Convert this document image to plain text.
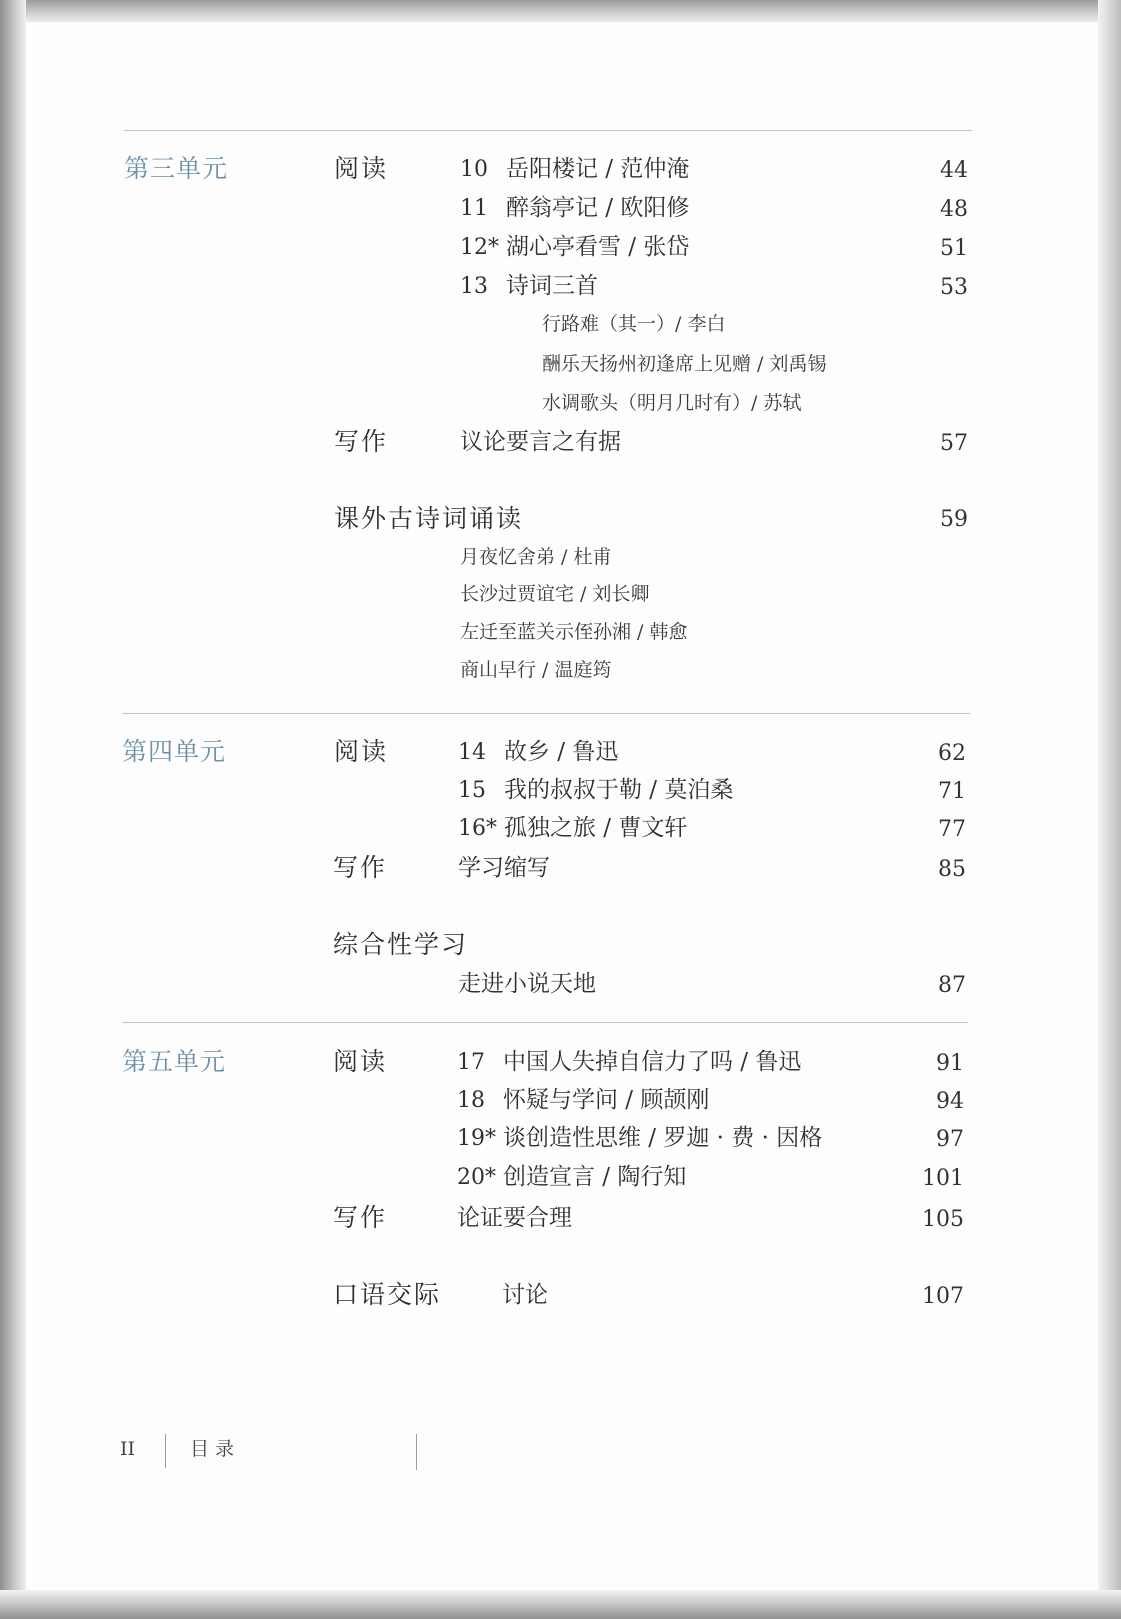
第三单元	阅读	10 岳阳楼记 / 范仲淹	44
11 醉翁亭记 / 欧阳修	48
12* 湖心亭看雪 / 张岱	51
13 诗词三首	53
行路难（其一）/ 李白
酬乐天扬州初逢席上见赠 / 刘禹锡
水调歌头（明月几时有）/ 苏轼
写作	议论要言之有据	57
课外古诗词诵读	59
月夜忆舍弟 / 杜甫
长沙过贾谊宅 / 刘长卿
左迁至蓝关示侄孙湘 / 韩愈
商山早行 / 温庭筠
第四单元	阅读	14 故乡 / 鲁迅	62
15 我的叔叔于勒 / 莫泊桑	71
16* 孤独之旅 / 曹文轩	77
写作	学习缩写	85
综合性学习
走进小说天地	87
第五单元	阅读	17 中国人失掉自信力了吗 / 鲁迅	91
18 怀疑与学问 / 顾颉刚	94
19* 谈创造性思维 / 罗迦 · 费 · 因格	97
20* 创造宣言 / 陶行知	101
写作	论证要合理	105
口语交际	讨论	107
II	目录
